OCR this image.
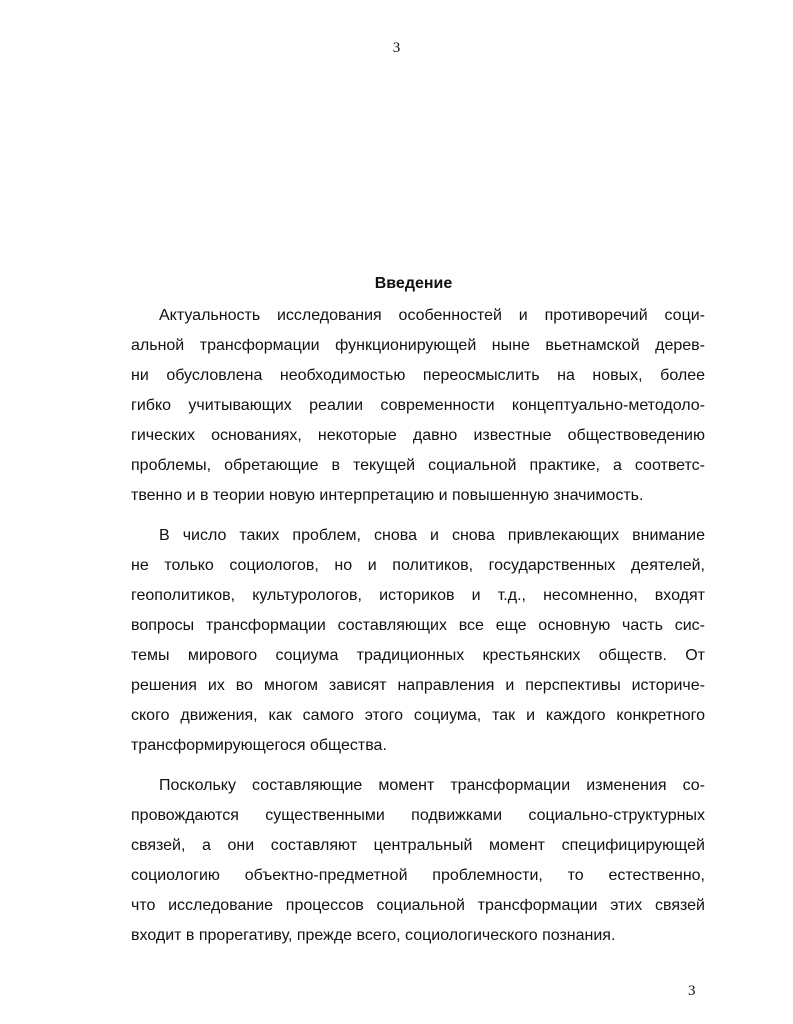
3
Введение
Актуальность исследования особенностей и противоречий соци-
альной трансформации функционирующей ныне вьетнамской дерев-
ни обусловлена необходимостью переосмыслить на новых, более
гибко учитывающих реалии современности концептуально-методоло-
гических основаниях, некоторые давно известные обществоведению
проблемы, обретающие в текущей социальной практике, а соответс-
твенно и в теории новую интерпретацию и повышенную значимость.
В число таких проблем, снова и снова привлекающих внимание
не только социологов, но и политиков, государственных деятелей,
геополитиков, культурологов, историков и т.д., несомненно, входят
вопросы трансформации составляющих все еще основную часть сис-
темы мирового социума традиционных крестьянских обществ. От
решения их во многом зависят направления и перспективы историче-
ского движения, как самого этого социума, так и каждого конкретного
трансформирующегося общества.
Поскольку составляющие момент трансформации изменения со-
провождаются существенными подвижками социально-структурных
связей, а они составляют центральный момент специфицирующей
социологию объектно-предметной проблемности, то естественно,
что исследование процессов социальной трансформации этих связей
входит в прорегативу, прежде всего, социологического познания.
3
